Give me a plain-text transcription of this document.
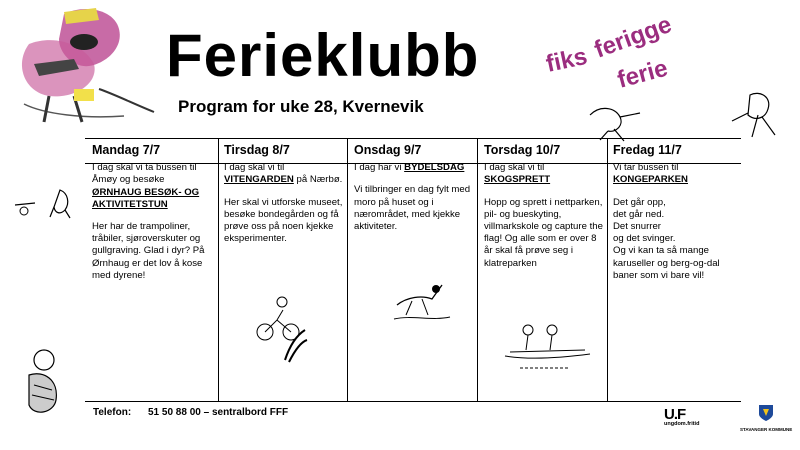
Ferieklubb
Program for uke 28, Kvernevik
fiks ferigge
ferie
Mandag 7/7
I dag skal vi ta bussen til Åmøy og besøke
ØRNHAUG BESØK- OG AKTIVITETSTUN
Her har de trampoliner, tråbiler, sjøroverskuter og gullgraving. Glad i dyr? På Ørnhaug er det lov å kose med dyrene!
Tirsdag 8/7
I dag skal vi til
VITENGARDEN på Nærbø.
Her skal vi utforske museet, besøke bondegården og få prøve oss på noen kjekke eksperimenter.
Onsdag 9/7
I dag har vi BYDELSDAG
Vi tilbringer en dag fylt med moro på huset og i nærområdet, med kjekke aktiviteter.
Torsdag 10/7
I dag skal vi til
SKOGSPRETT
Hopp og sprett i nettparken, pil- og bueskyting, villmarkskole og capture the flag! Og alle som er over 8 år skal få prøve seg i klatreparken
Fredag 11/7
Vi tar bussen til
KONGEPARKEN
Det går opp,
det går ned.
Det snurrer
og det svinger.
Og vi kan ta så mange karuseller og berg-og-dal baner som vi bare vil!
Telefon: 51 50 88 00 – sentralbord FFF	U.F
ungdom.fritid
STAVANGER KOMMUNE
